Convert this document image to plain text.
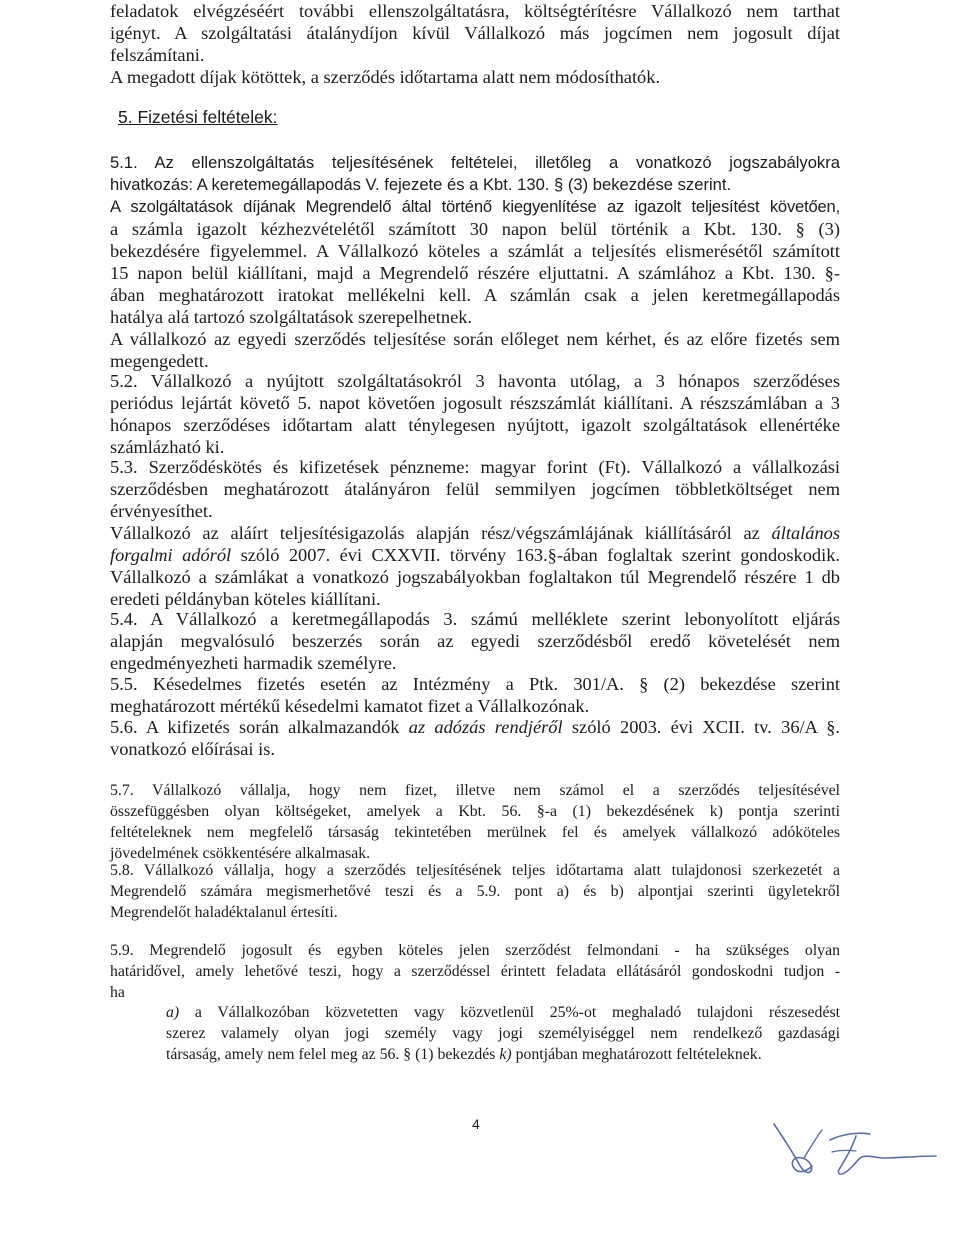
feladatok elvégzéséért további ellenszolgáltatásra, költségtérítésre Vállalkozó nem tarthat
igényt. A szolgáltatási átalánydíjon kívül Vállalkozó más jogcímen nem jogosult díjat
felszámítani.
A megadott díjak kötöttek, a szerződés időtartama alatt nem módosíthatók.

5. Fizetési feltételek:

5.1. Az ellenszolgáltatás teljesítésének feltételei, illetőleg a vonatkozó jogszabályokra
hivatkozás: A keretemegállapodás V. fejezete és a Kbt. 130. § (3) bekezdése szerint.
A szolgáltatások díjának Megrendelő által történő kiegyenlítése az igazolt teljesítést követően,
a számla igazolt kézhezvételétől számított 30 napon belül történik a Kbt. 130. § (3)
bekezdésére figyelemmel. A Vállalkozó köteles a számlát a teljesítés elismerésétől számított
15 napon belül kiállítani, majd a Megrendelő részére eljuttatni. A számlához a Kbt. 130. §-
ában meghatározott iratokat mellékelni kell. A számlán csak a jelen keretmegállapodás
hatálya alá tartozó szolgáltatások szerepelhetnek.
A vállalkozó az egyedi szerződés teljesítése során előleget nem kérhet, és az előre fizetés sem
megengedett.
5.2. Vállalkozó a nyújtott szolgáltatásokról 3 havonta utólag, a 3 hónapos szerződéses
periódus lejártát követő 5. napot követően jogosult részszámlát kiállítani. A részszámlában a 3
hónapos szerződéses időtartam alatt ténylegesen nyújtott, igazolt szolgáltatások ellenértéke
számlázható ki.
5.3. Szerződéskötés és kifizetések pénzneme: magyar forint (Ft). Vállalkozó a vállalkozási
szerződésben meghatározott átalányáron felül semmilyen jogcímen többletköltséget nem
érvényesíthet.
Vállalkozó az aláírt teljesítésigazolás alapján rész/végszámlájának kiállításáról az általános
forgalmi adóról szóló 2007. évi CXXVII. törvény 163.§-ában foglaltak szerint gondoskodik.
Vállalkozó a számlákat a vonatkozó jogszabályokban foglaltakon túl Megrendelő részére 1 db
eredeti példányban köteles kiállítani.
5.4. A Vállalkozó a keretmegállapodás 3. számú melléklete szerint lebonyolított eljárás
alapján megvalósuló beszerzés során az egyedi szerződésből eredő követelését nem
engedményezheti harmadik személyre.
5.5. Késedelmes fizetés esetén az Intézmény a Ptk. 301/A. § (2) bekezdése szerint
meghatározott mértékű késedelmi kamatot fizet a Vállalkozónak.
5.6. A kifizetés során alkalmazandók az adózás rendjéről szóló 2003. évi XCII. tv. 36/A §.
vonatkozó előírásai is.
5.7. Vállalkozó vállalja, hogy nem fizet, illetve nem számol el a szerződés teljesítésével
összefüggésben olyan költségeket, amelyek a Kbt. 56. §-a (1) bekezdésének k) pontja szerinti
feltételeknek nem megfelelő társaság tekintetében merülnek fel és amelyek vállalkozó adóköteles
jövedelmének csökkentésére alkalmasak.
5.8. Vállalkozó vállalja, hogy a szerződés teljesítésének teljes időtartama alatt tulajdonosi szerkezetét a
Megrendelő számára megismerhetővé teszi és a 5.9. pont a) és b) alpontjai szerinti ügyletekről
Megrendelőt haladéktalanul értesíti.
5.9. Megrendelő jogosult és egyben köteles jelen szerződést felmondani - ha szükséges olyan
határidővel, amely lehetővé teszi, hogy a szerződéssel érintett feladata ellátásáról gondoskodni tudjon -
ha
a) a Vállalkozóban közvetetten vagy közvetlenül 25%-ot meghaladó tulajdoni részesedést
szerez valamely olyan jogi személy vagy jogi személyiséggel nem rendelkező gazdasági
társaság, amely nem felel meg az 56. § (1) bekezdés k) pontjában meghatározott feltételeknek.
4
